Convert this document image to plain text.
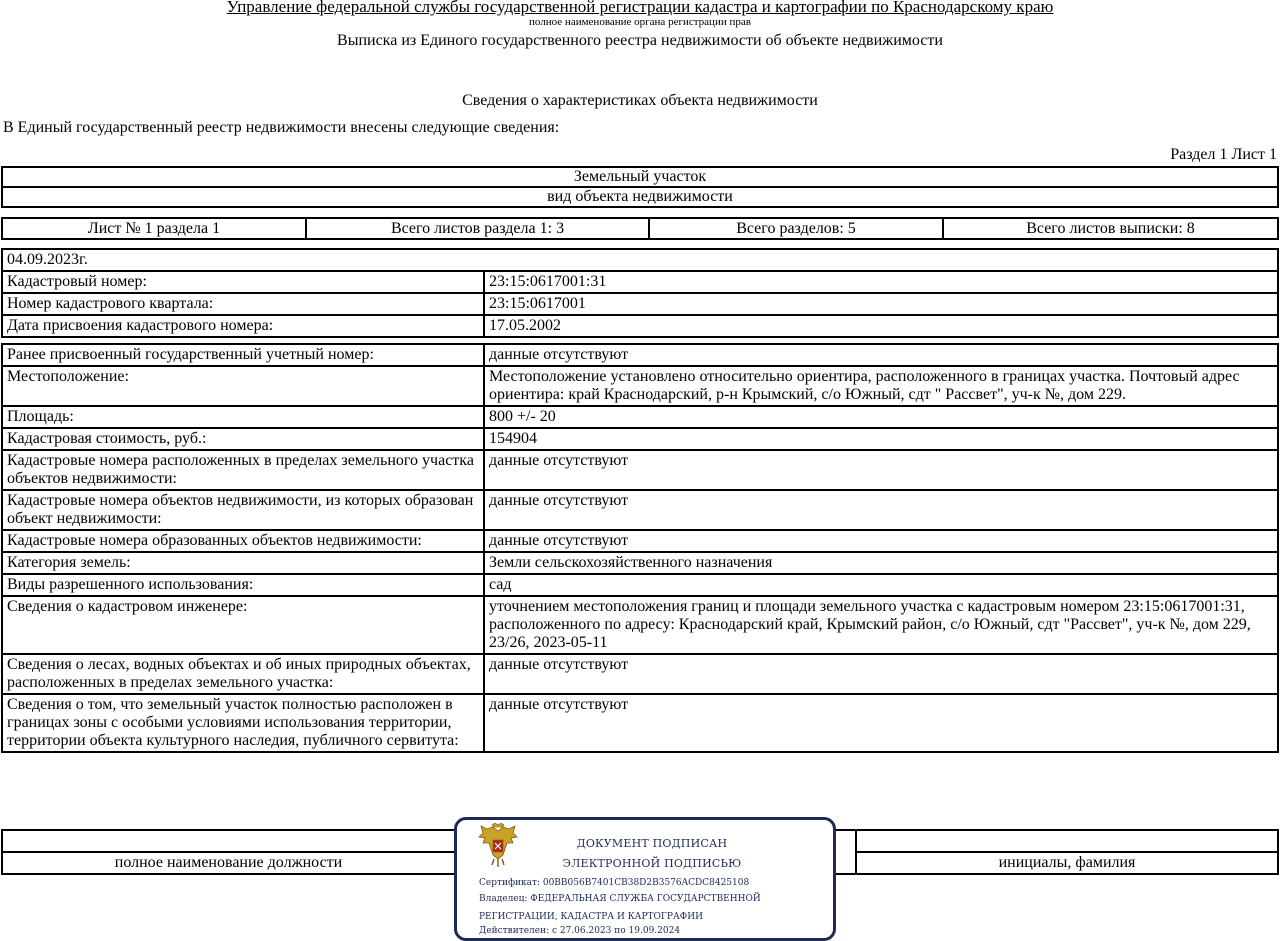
Управление федеральной службы государственной регистрации кадастра и картографии по Краснодарскому краю
полное наименование органа регистрации прав
Выписка из Единого государственного реестра недвижимости об объекте недвижимости
Сведения о характеристиках объекта недвижимости
В Единый государственный реестр недвижимости внесены следующие сведения:
Раздел 1 Лист 1
Земельный участок
вид объекта недвижимости
Лист № 1 раздела 1	Всего листов раздела 1: 3	Всего разделов: 5	Всего листов выписки: 8
04.09.2023г.	
Кадастровый номер:	23:15:0617001:31
Номер кадастрового квартала:	23:15:0617001
Дата присвоения кадастрового номера:	17.05.2002
Ранее присвоенный государственный учетный номер:	данные отсутствуют
Местоположение:	Местоположение установлено относительно ориентира, расположенного в границах участка. Почтовый адрес ориентира: край Краснодарский, р-н Крымский, с/о Южный, сдт " Рассвет", уч-к №, дом 229.
Площадь:	800 +/- 20
Кадастровая стоимость, руб.:	154904
Кадастровые номера расположенных в пределах земельного участка объектов недвижимости:	данные отсутствуют
Кадастровые номера объектов недвижимости, из которых образован объект недвижимости:	данные отсутствуют
Кадастровые номера образованных объектов недвижимости:	данные отсутствуют
Категория земель:	Земли сельскохозяйственного назначения
Виды разрешенного использования:	сад
Сведения о кадастровом инженере:	уточнением местоположения границ и площади земельного участка с кадастровым номером 23:15:0617001:31, расположенного по адресу: Краснодарский край, Крымский район, с/о Южный, сдт "Рассвет", уч-к №, дом 229, 23/26, 2023-05-11
Сведения о лесах, водных объектах и об иных природных объектах, расположенных в пределах земельного участка:	данные отсутствуют
Сведения о том, что земельный участок полностью расположен в границах зоны с особыми условиями использования территории, территории объекта культурного наследия, публичного сервитута:	данные отсутствуют

полное наименование должности		инициалы, фамилия
ДОКУМЕНТ ПОДПИСАН
ЭЛЕКТРОННОЙ ПОДПИСЬЮ
Сертификат: 00BB056B7401CB38D2B3576ACDC8425108
Владелец: ФЕДЕРАЛЬНАЯ СЛУЖБА ГОСУДАРСТВЕННОЙ
РЕГИСТРАЦИИ, КАДАСТРА И КАРТОГРАФИИ
Действителен: с 27.06.2023 по 19.09.2024
